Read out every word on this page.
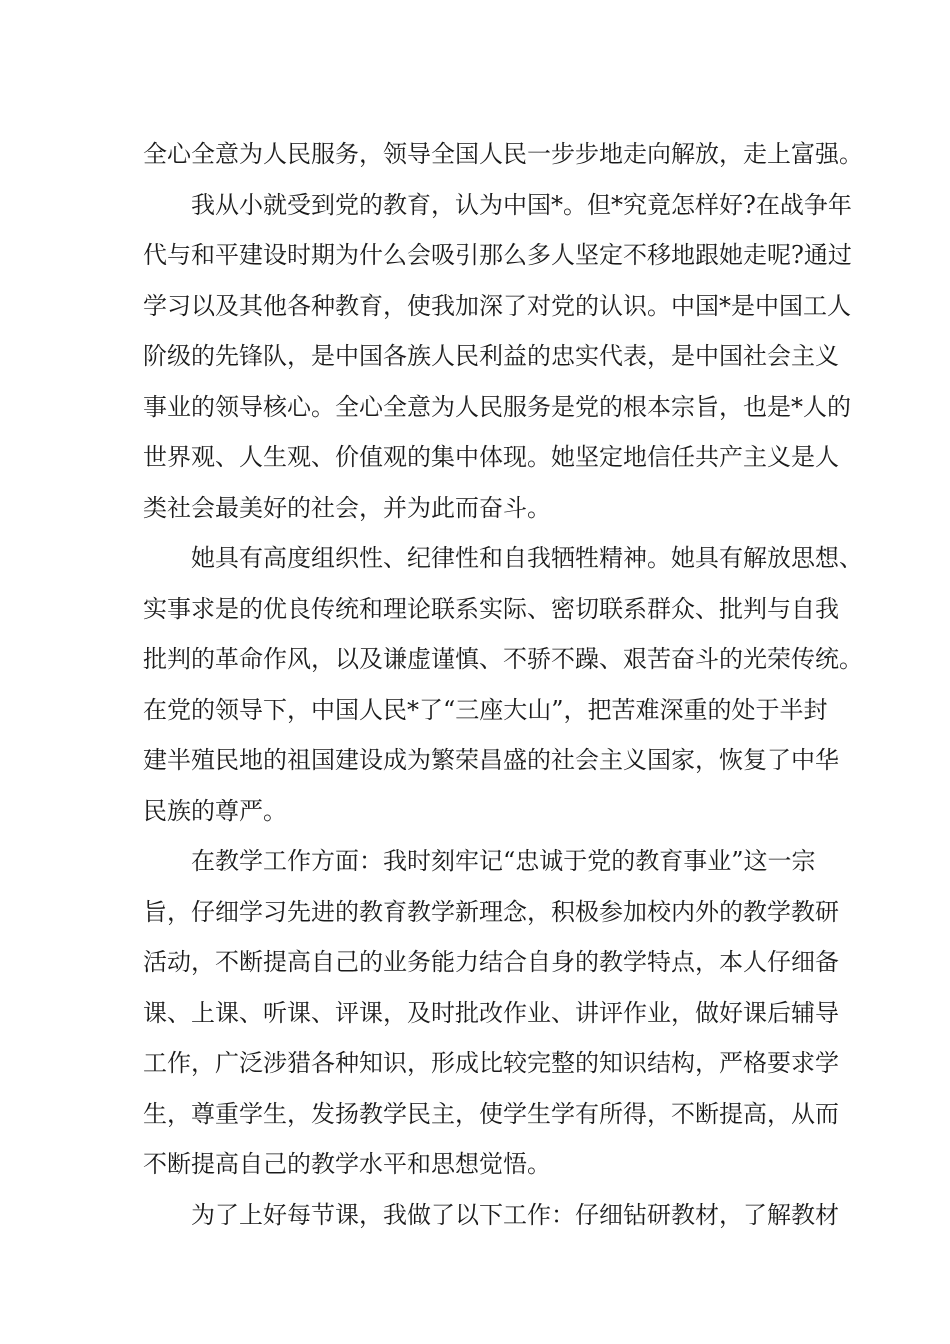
全心全意为人民服务，领导全国人民一步步地走向解放，走上富强。
我从小就受到党的教育，认为中国*。但*究竟怎样好?在战争年
代与和平建设时期为什么会吸引那么多人坚定不移地跟她走呢?通过
学习以及其他各种教育，使我加深了对党的认识。中国*是中国工人
阶级的先锋队，是中国各族人民利益的忠实代表，是中国社会主义
事业的领导核心。全心全意为人民服务是党的根本宗旨，也是*人的
世界观、人生观、价值观的集中体现。她坚定地信任共产主义是人
类社会最美好的社会，并为此而奋斗。
她具有高度组织性、纪律性和自我牺牲精神。她具有解放思想、
实事求是的优良传统和理论联系实际、密切联系群众、批判与自我
批判的革命作风，以及谦虚谨慎、不骄不躁、艰苦奋斗的光荣传统。
在党的领导下，中国人民*了“三座大山”，把苦难深重的处于半封
建半殖民地的祖国建设成为繁荣昌盛的社会主义国家，恢复了中华
民族的尊严。
在教学工作方面：我时刻牢记“忠诚于党的教育事业”这一宗
旨，仔细学习先进的教育教学新理念，积极参加校内外的教学教研
活动，不断提高自己的业务能力结合自身的教学特点，本人仔细备
课、上课、听课、评课，及时批改作业、讲评作业，做好课后辅导
工作，广泛涉猎各种知识，形成比较完整的知识结构，严格要求学
生，尊重学生，发扬教学民主，使学生学有所得，不断提高，从而
不断提高自己的教学水平和思想觉悟。
为了上好每节课，我做了以下工作：仔细钻研教材，了解教材
